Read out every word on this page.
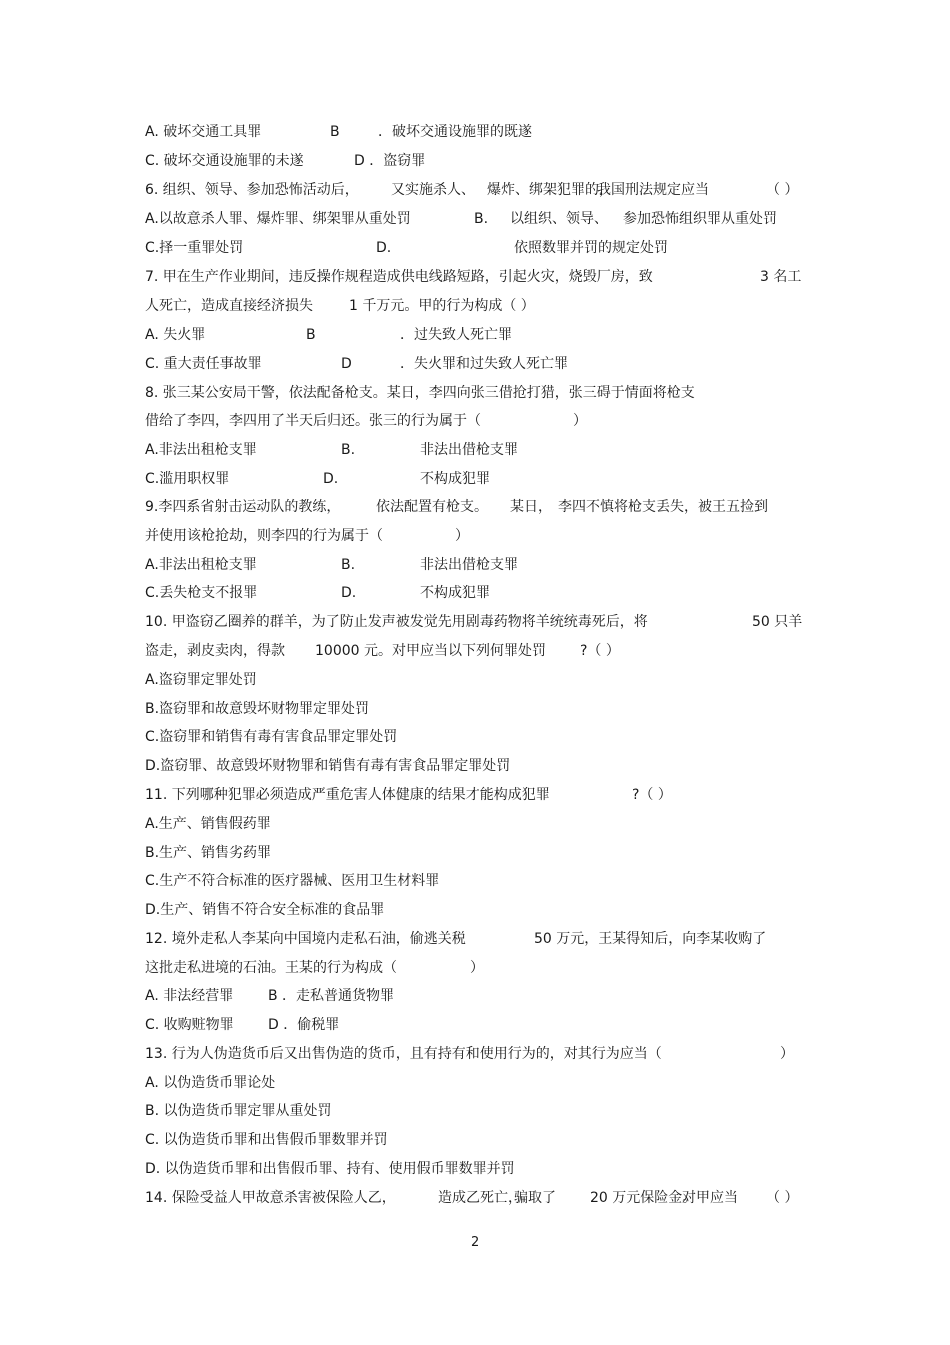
A. 破坏交通工具罪	B	．破坏交通设施罪的既遂
C. 破坏交通设施罪的未遂	D ．盗窃罪
6. 组织、领导、参加恐怖活动后， 又实施杀人、 爆炸、绑架犯罪的，
我国刑法规定应当	（ ）
A.以故意杀人罪、爆炸罪、绑架罪从重处罚	B. 以组织、领导、 参加恐怖组织罪从重处罚
C.择一重罪处罚	D.	依照数罪并罚的规定处罚
7. 甲在生产作业期间，违反操作规程造成供电线路短路，引起火灾，烧毁厂房，致	3 名工
人死亡，造成直接经济损失	1 千万元。甲的行为构成（ ）
A. 失火罪	B	．过失致人死亡罪
C. 重大责任事故罪	D	．失火罪和过失致人死亡罪
8. 张三某公安局干警，依法配备枪支。某日，李四向张三借抢打猎，张三碍于情面将枪支
借给了李四，李四用了半天后归还。张三的行为属于（	）
A.非法出租枪支罪	B.	非法出借枪支罪
C.滥用职权罪	D.	不构成犯罪
9.李四系省射击运动队的教练，	依法配置有枪支。 某日， 李四不慎将枪支丢失，被王五捡到
并使用该枪抢劫，则李四的行为属于（	）
A.非法出租枪支罪	B.	非法出借枪支罪
C.丢失枪支不报罪	D.	不构成犯罪
10. 甲盗窃乙圈养的群羊，为了防止发声被发觉先用剧毒药物将羊统统毒死后，将	50 只羊
盗走，剥皮卖肉，得款 10000 元。对甲应当以下列何罪处罚 ?（ ）
A.盗窃罪定罪处罚
B.盗窃罪和故意毁坏财物罪定罪处罚
C.盗窃罪和销售有毒有害食品罪定罪处罚
D.盗窃罪、故意毁坏财物罪和销售有毒有害食品罪定罪处罚
11. 下列哪种犯罪必须造成严重危害人体健康的结果才能构成犯罪	?（ ）
A.生产、销售假药罪
B.生产、销售劣药罪
C.生产不符合标准的医疗器械、医用卫生材料罪
D.生产、销售不符合安全标准的食品罪
12. 境外走私人李某向中国境内走私石油，偷逃关税	50 万元，王某得知后，向李某收购了
这批走私进境的石油。王某的行为构成（	）
A. 非法经营罪 B ．走私普通货物罪
C. 收购赃物罪 D ．偷税罪
13. 行为人伪造货币后又出售伪造的货币，且有持有和使用行为的，对其行为应当（	）
A. 以伪造货币罪论处
B. 以伪造货币罪定罪从重处罚
C. 以伪造货币罪和出售假币罪数罪并罚
D. 以伪造货币罪和出售假币罪、持有、使用假币罪数罪并罚
14. 保险受益人甲故意杀害被保险人乙，	造成乙死亡，
骗取了 20 万元保险金。
对甲应当 （ ）
2
